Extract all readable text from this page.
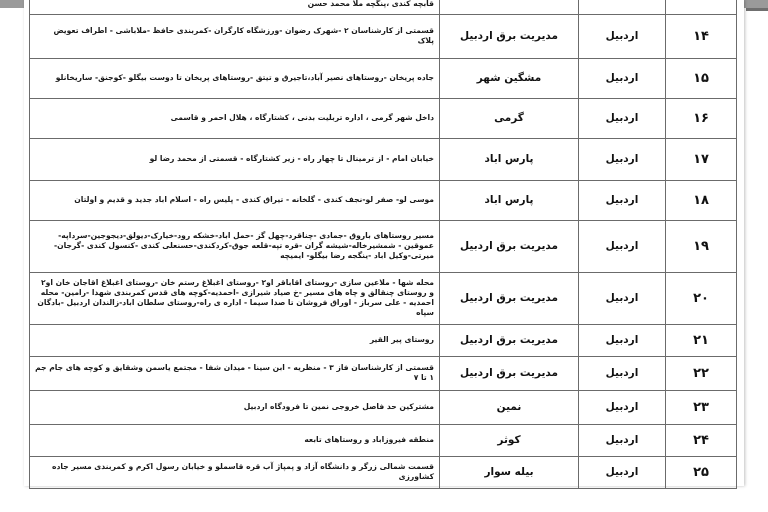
			قابچه کندی ،پنگچه ملا محمد حسن
۱۴	اردبیل	مدیریت برق اردبیل	قسمتی از کارشناسان ۲ -شهرک رضوان -ورزشگاه کارگران -کمربندی حافظ -ملاباشی - اطراف تعویض پلاک
۱۵	اردبیل	مشگین شهر	جاده پریخان -روستاهای نصیر آباد،تاجیرق و تیتق -روستاهای پریخان تا دوست بیگلو -کوجنق- ساریخانلو
۱۶	اردبیل	گرمی	داخل شهر گرمی ، اداره تربلیت بدنی ، کشتارگاه ، هلال احمر و قاسمی
۱۷	اردبیل	پارس اباد	خیابان امام - از ترمینال تا چهار راه - زیر کشتارگاه - قسمتی از محمد رضا لو
۱۸	اردبیل	پارس اباد	موسی لو- صفر لو-نجف کندی - گلخانه - تیراق کندی - پلیس راه - اسلام اباد جدید و قدیم و اولتان
۱۹	اردبیل	مدیریت برق اردبیل	مسیر روستاهای باروق -جمادی -چناقرد-چهل گز -حمل اباد-خشکه رود-خیارک-دیولق-دیجوجین-سرداپه-عموقین - شمشیرخاله-شیشه گران -قره تپه-قلعه جوق-کردکندی-حسنعلی کندی -کنسول کندی -گرجان-میرتی-وکیل اباد -ینگجه رضا بیگلو- ایمیچه
۲۰	اردبیل	مدیریت برق اردبیل	محله شها - ملاعین سازی -روستای اقاباقر او۲ -روستای اغبلاغ رستم خان -روستای اغبلاغ اقاجان خان او۲ و روستای چنقالق و چاه های مسیر -خ صیاد شیرازی -احمدیه-کوچه های قدس کمربندی شهدا -رامین- محله احمدیه - علی سرباز - اوراق فروشان تا صدا سیما - اداره ی راه-روستای سلطان اباد-زالندان اردبیل -بادگان سپاه
۲۱	اردبیل	مدیریت برق اردبیل	روستای پیر القیر
۲۲	اردبیل	مدیریت برق اردبیل	قسمتی از کارشناسان فاز ۳ - منظریه - ابن سینا - میدان شفا - مجتمع یاسمن وشقایق و کوچه های جام جم ۱ تا ۷
۲۳	اردبیل	نمین	مشترکین حد فاصل خروجی نمین تا فرودگاه اردبیل
۲۴	اردبیل	کوثر	منطقه فیروزاباد و روستاهای تابعه
۲۵	اردبیل	بیله سوار	قسمت شمالی زرگر و دانشگاه آزاد و پمپاژ آب قره قاسملو و خیابان رسول اکرم و کمربندی مسیر جاده کشاورزی
